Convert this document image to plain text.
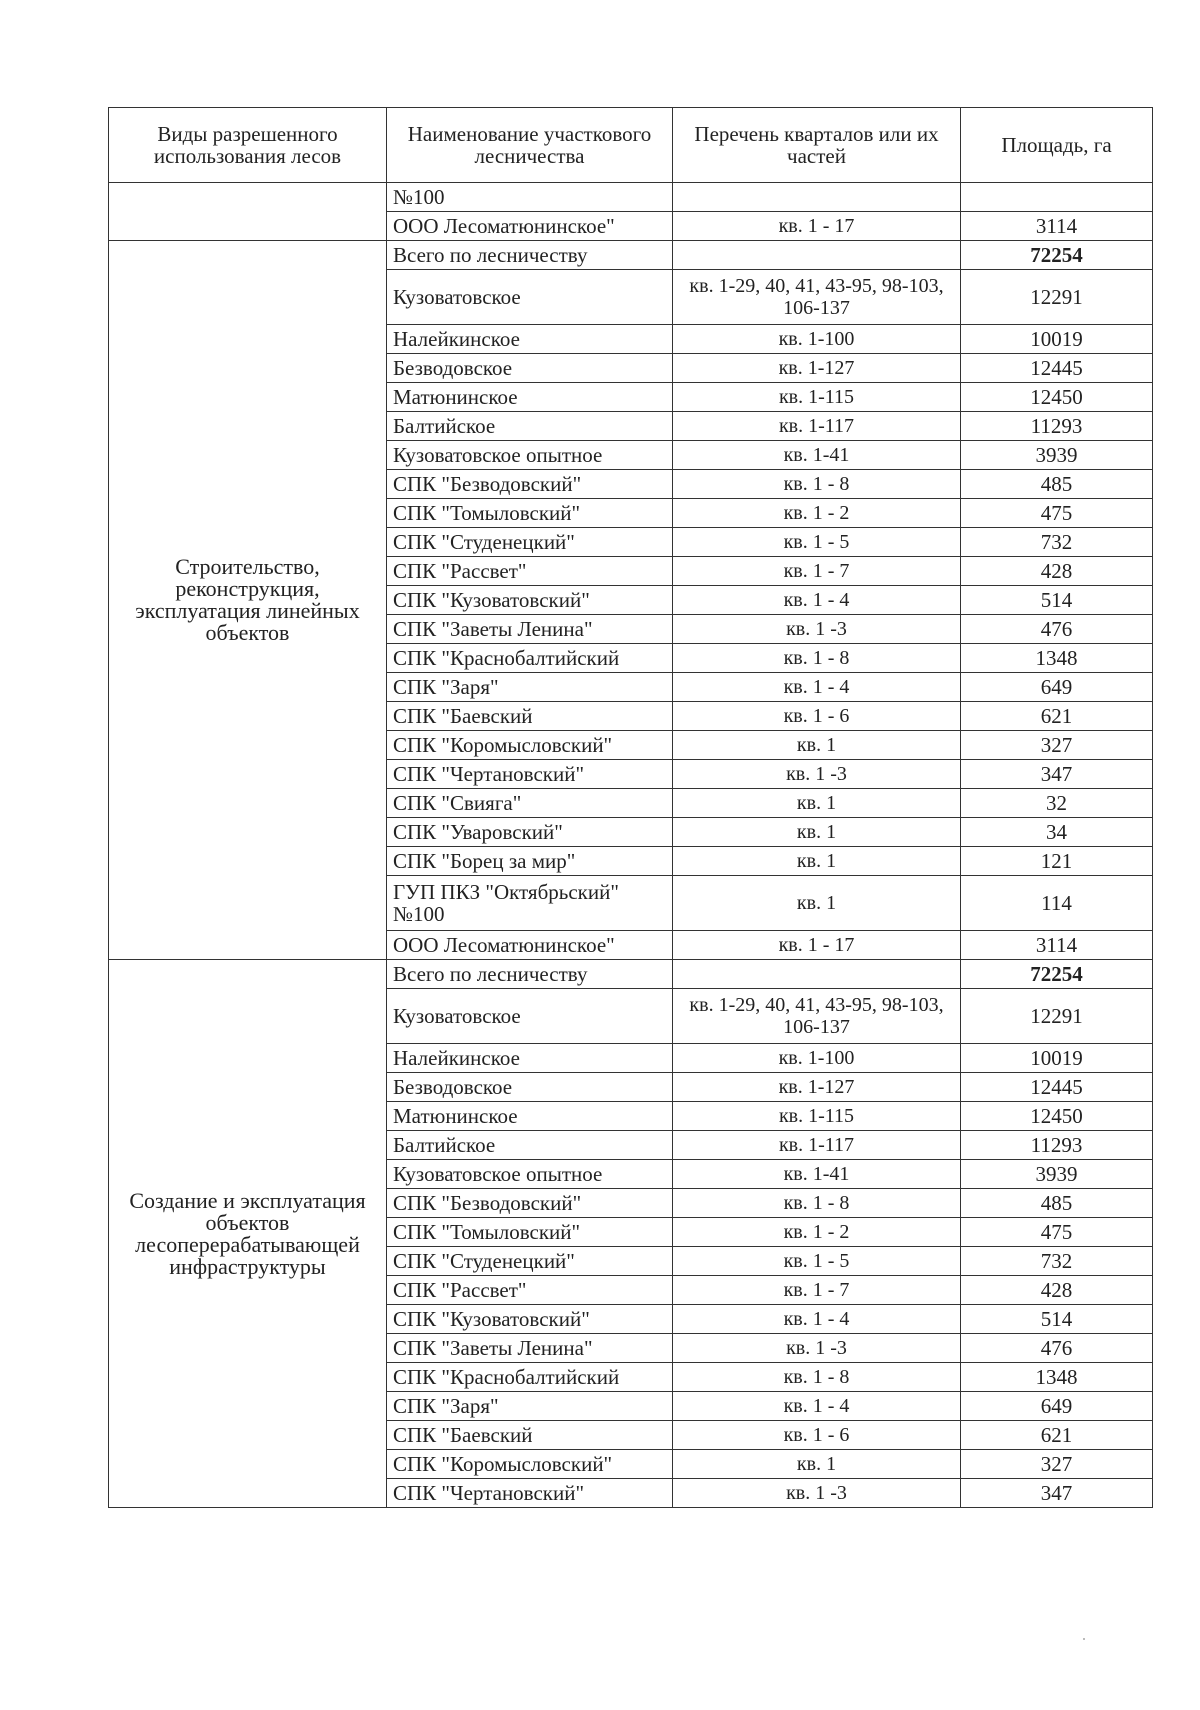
Виды разрешенного использования лесов	Наименование участкового лесничества	Перечень кварталов или их частей	Площадь, га
	№100		
	ООО Лесоматюнинское"	кв. 1 - 17	3114
Строительство, реконструкция, эксплуатация линейных объектов	Всего по лесничеству		72254
	Кузоватовское	кв. 1-29, 40, 41, 43-95, 98-103, 106-137	12291
	Налейкинское	кв. 1-100	10019
	Безводовское	кв. 1-127	12445
	Матюнинское	кв. 1-115	12450
	Балтийское	кв. 1-117	11293
	Кузоватовское опытное	кв. 1-41	3939
	СПК "Безводовский"	кв. 1 - 8	485
	СПК "Томыловский"	кв. 1 - 2	475
	СПК "Студенецкий"	кв. 1 - 5	732
	СПК "Рассвет"	кв. 1 - 7	428
	СПК "Кузоватовский"	кв. 1 - 4	514
	СПК "Заветы Ленина"	кв. 1 -3	476
	СПК "Краснобалтийский	кв. 1 - 8	1348
	СПК "Заря"	кв. 1 - 4	649
	СПК "Баевский	кв. 1 - 6	621
	СПК "Коромысловский"	кв. 1	327
	СПК "Чертановский"	кв. 1 -3	347
	СПК "Свияга"	кв. 1	32
	СПК "Уваровский"	кв. 1	34
	СПК "Борец за мир"	кв. 1	121
	ГУП ПКЗ "Октябрьский" №100	кв. 1	114
	ООО Лесоматюнинское"	кв. 1 - 17	3114
Создание и эксплуатация объектов лесоперерабатывающей инфраструктуры	Всего по лесничеству		72254
	Кузоватовское	кв. 1-29, 40, 41, 43-95, 98-103, 106-137	12291
	Налейкинское	кв. 1-100	10019
	Безводовское	кв. 1-127	12445
	Матюнинское	кв. 1-115	12450
	Балтийское	кв. 1-117	11293
	Кузоватовское опытное	кв. 1-41	3939
	СПК "Безводовский"	кв. 1 - 8	485
	СПК "Томыловский"	кв. 1 - 2	475
	СПК "Студенецкий"	кв. 1 - 5	732
	СПК "Рассвет"	кв. 1 - 7	428
	СПК "Кузоватовский"	кв. 1 - 4	514
	СПК "Заветы Ленина"	кв. 1 -3	476
	СПК "Краснобалтийский	кв. 1 - 8	1348
	СПК "Заря"	кв. 1 - 4	649
	СПК "Баевский	кв. 1 - 6	621
	СПК "Коромысловский"	кв. 1	327
	СПК "Чертановский"	кв. 1 -3	347
